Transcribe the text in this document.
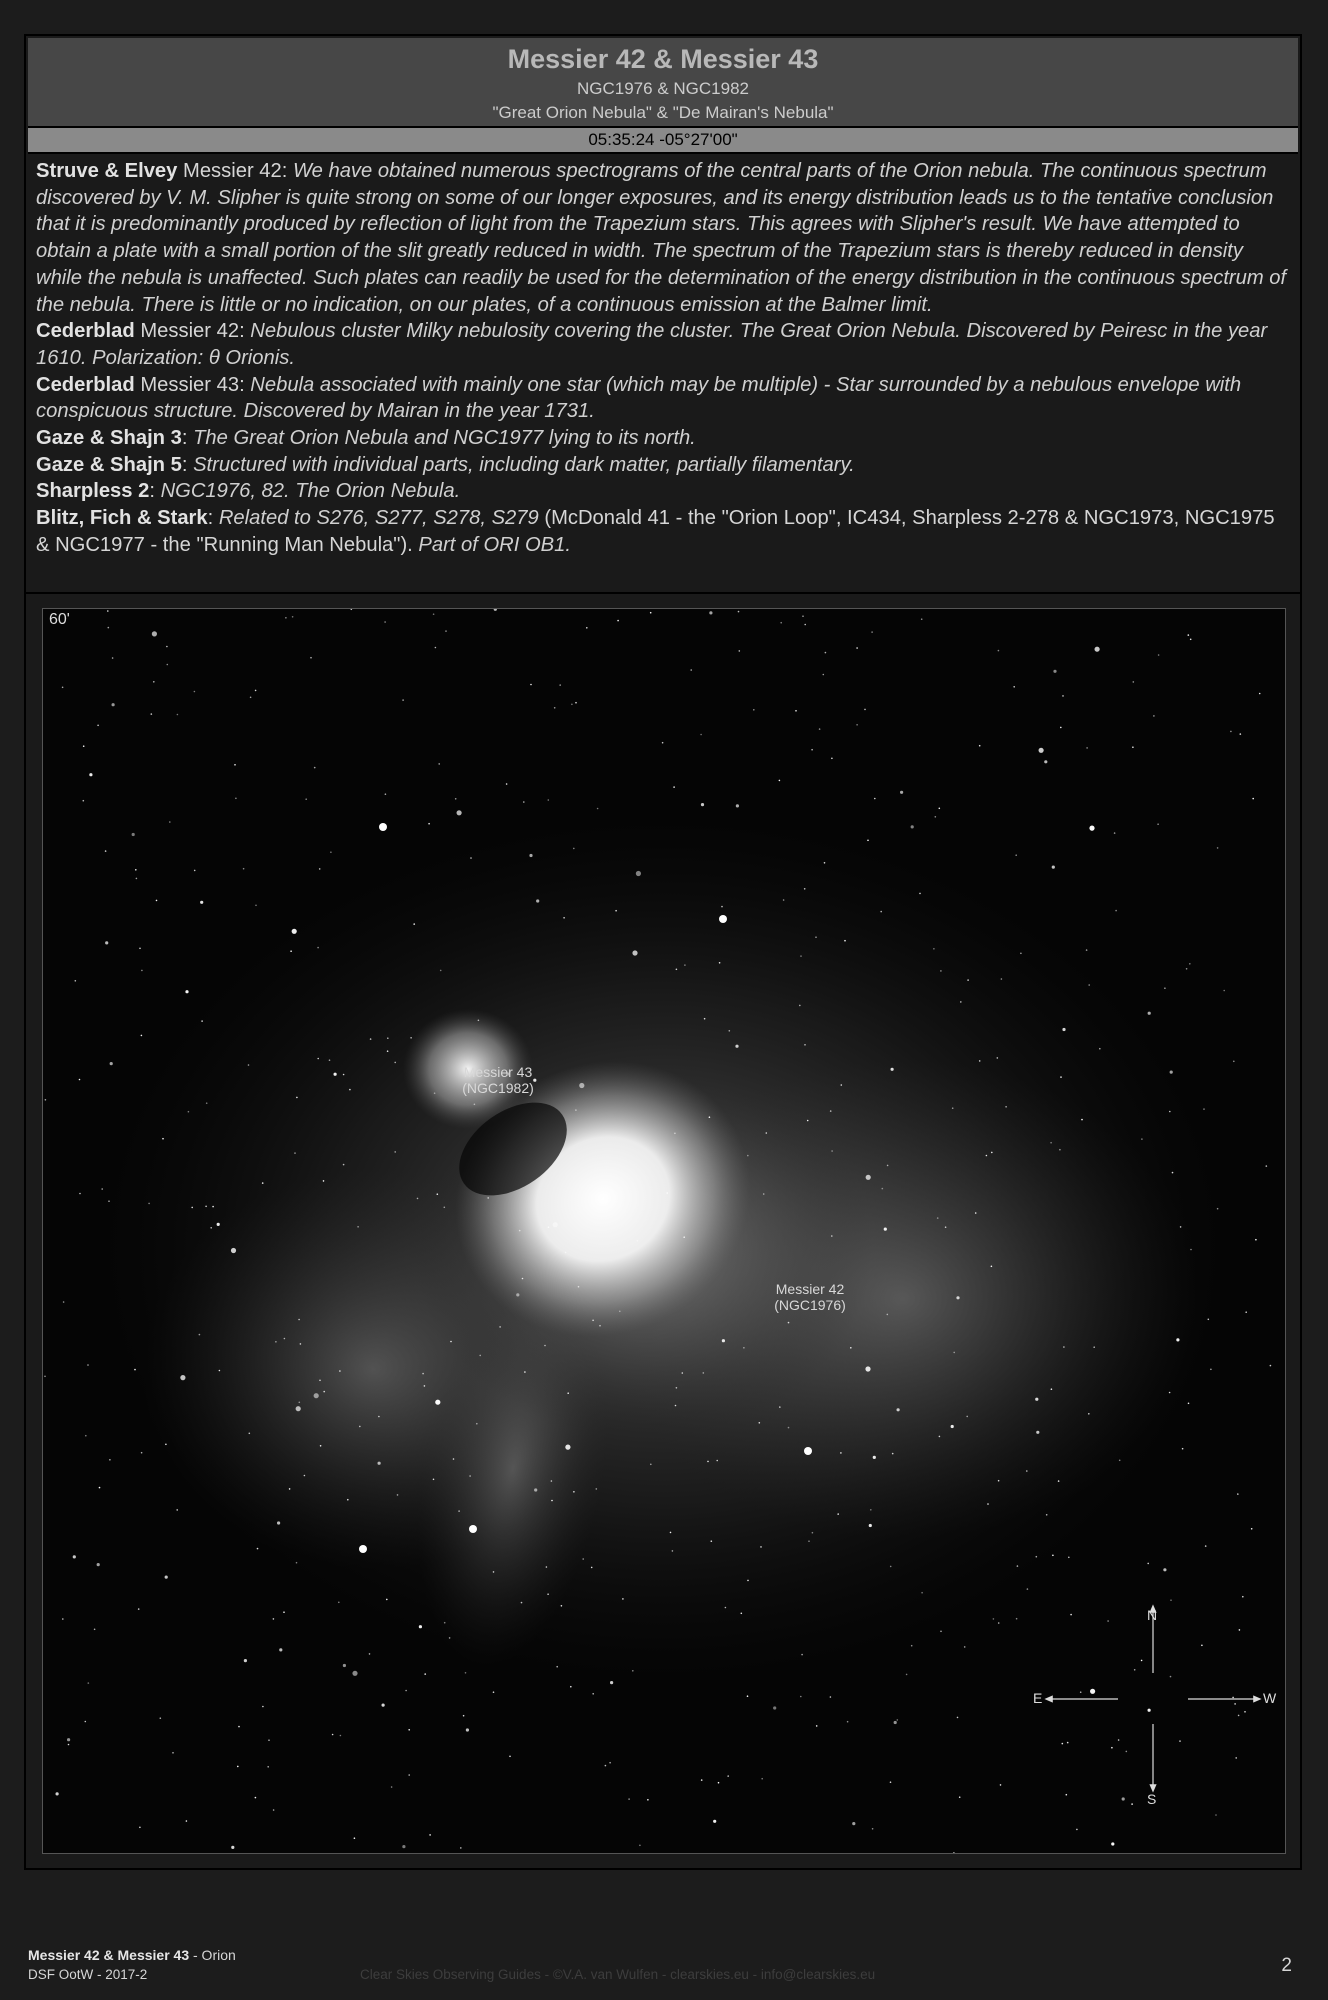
Messier 42 & Messier 43
NGC1976 & NGC1982
"Great Orion Nebula" & "De Mairan's Nebula"
05:35:24 -05°27'00"

Struve & Elvey Messier 42: We have obtained numerous spectrograms of the central parts of the Orion nebula. The continuous spectrum discovered by V. M. Slipher is quite strong on some of our longer exposures, and its energy distribution leads us to the tentative conclusion that it is predominantly produced by reflection of light from the Trapezium stars. This agrees with Slipher's result. We have attempted to obtain a plate with a small portion of the slit greatly reduced in width. The spectrum of the Trapezium stars is thereby reduced in density while the nebula is unaffected. Such plates can readily be used for the determination of the energy distribution in the continuous spectrum of the nebula. There is little or no indication, on our plates, of a continuous emission at the Balmer limit.

Cederblad Messier 42: Nebulous cluster Milky nebulosity covering the cluster. The Great Orion Nebula. Discovered by Peiresc in the year 1610. Polarization: θ Orionis.

Cederblad Messier 43: Nebula associated with mainly one star (which may be multiple) - Star surrounded by a nebulous envelope with conspicuous structure. Discovered by Mairan in the year 1731.

Gaze & Shajn 3: The Great Orion Nebula and NGC1977 lying to its north.

Gaze & Shajn 5: Structured with individual parts, including dark matter, partially filamentary.

Sharpless 2: NGC1976, 82. The Orion Nebula.

Blitz, Fich & Stark: Related to S276, S277, S278, S279 (McDonald 41 - the "Orion Loop", IC434, Sharpless 2-278 & NGC1973, NGC1975 & NGC1977 - the "Running Man Nebula"). Part of ORI OB1.

60'
Messier 43
(NGC1982)
Messier 42
(NGC1976)
N
S
E	W
Messier 42 & Messier 43 - Orion
DSF OotW - 2017-2	Clear Skies Observing Guides - ©V.A. van Wulfen - clearskies.eu - info@clearskies.eu	2
